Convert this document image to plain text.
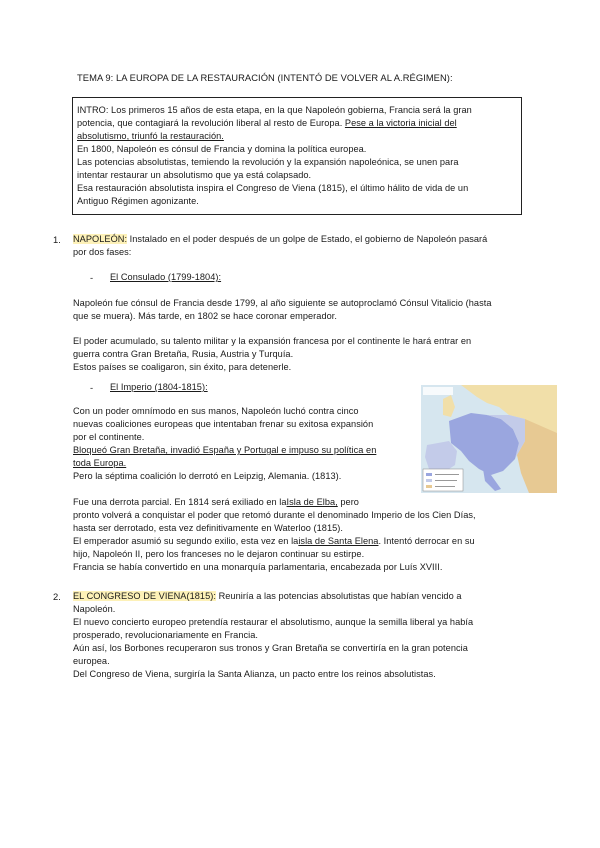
TEMA 9: LA EUROPA DE LA RESTAURACIÓN (INTENTÓ DE VOLVER AL A.RÉGIMEN):
INTRO: Los primeros 15 años de esta etapa, en la que Napoleón gobierna, Francia será la gran
potencia, que contagiará la revolución liberal al resto de Europa. Pese a la victoria inicial del
absolutismo, triunfó la restauración.
En 1800, Napoleón es cónsul de Francia y domina la política europea.
Las potencias absolutistas, temiendo la revolución y la expansión napoleónica, se unen para
intentar restaurar un absolutismo que ya está colapsado.
Esa restauración absolutista inspira el Congreso de Viena (1815), el último hálito de vida de un
Antiguo Régimen agonizante.
1. NAPOLEÓN: Instalado en el poder después de un golpe de Estado, el gobierno de Napoleón pasará
por dos fases:
- El Consulado (1799-1804):
Napoleón fue cónsul de Francia desde 1799, al año siguiente se autoproclamó Cónsul Vitalicio (hasta
que se muera). Más tarde, en 1802 se hace coronar emperador.
El poder acumulado, su talento militar y la expansión francesa por el continente le hará entrar en
guerra contra Gran Bretaña, Rusia, Austria y Turquía.
Estos países se coaligaron, sin éxito, para detenerle.
- El Imperio (1804-1815):
Con un poder omnímodo en sus manos, Napoleón luchó contra cinco
nuevas coaliciones europeas que intentaban frenar su exitosa expansión
por el continente.
Bloqueó Gran Bretaña, invadió España y Portugal e impuso su política en
toda Europa.
Pero la séptima coalición lo derrotó en Leipzig, Alemania. (1813).
Fue una derrota parcial. En 1814 será exiliado en laIsla de Elba, pero
pronto volverá a conquistar el poder que retomó durante el denominado Imperio de los Cien Días,
hasta ser derrotado, esta vez definitivamente en Waterloo (1815).
El emperador asumió su segundo exilio, esta vez en laisla de Santa Elena. Intentó derrocar en su
hijo, Napoleón II, pero los franceses no le dejaron continuar su estirpe.
Francia se había convertido en una monarquía parlamentaria, encabezada por Luís XVIII.
2. EL CONGRESO DE VIENA(1815): Reuniría a las potencias absolutistas que habían vencido a
Napoleón.
El nuevo concierto europeo pretendía restaurar el absolutismo, aunque la semilla liberal ya había
prosperado, revolucionariamente en Francia.
Aún así, los Borbones recuperaron sus tronos y Gran Bretaña se convertiría en la gran potencia
europea.
Del Congreso de Viena, surgiría la Santa Alianza, un pacto entre los reinos absolutistas.
